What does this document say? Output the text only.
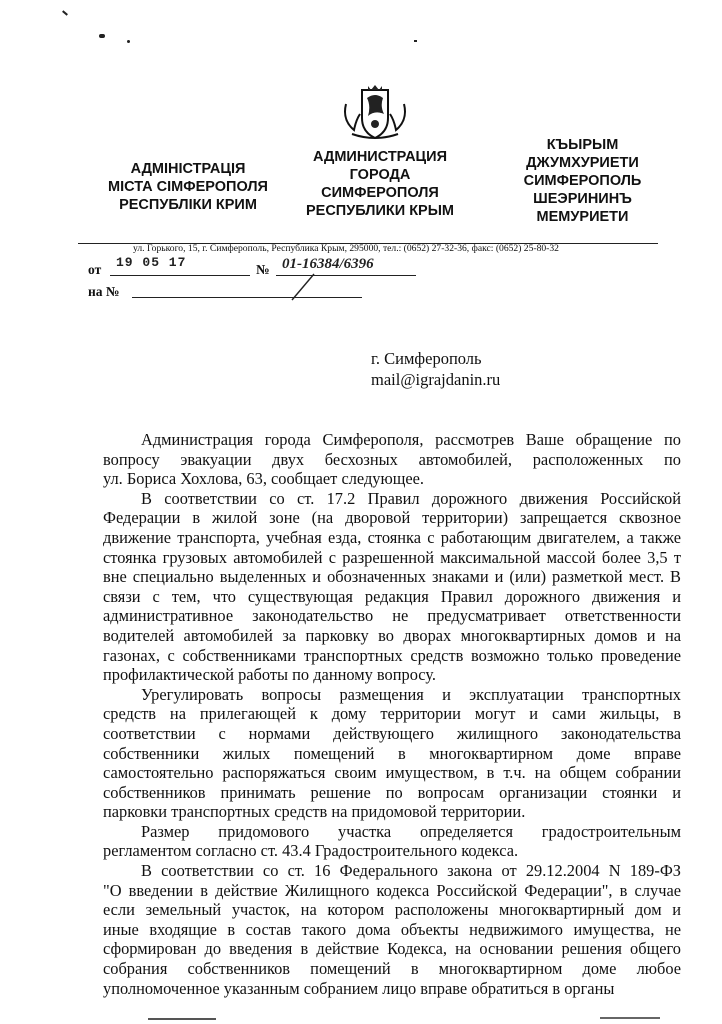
АДМІНІСТРАЦІЯ
МІСТА СІМФЕРОПОЛЯ
РЕСПУБЛІКИ КРИМ
АДМИНИСТРАЦИЯ
ГОРОДА
СИМФЕРОПОЛЯ
РЕСПУБЛИКИ КРЫМ
КЪЫРЫМ
ДЖУМХУРИЕТИ
СИМФЕРОПОЛЬ
ШЕЭРИНИНЪ
МЕМУРИЕТИ
ул. Горького, 15, г. Симферополь, Республика Крым, 295000, тел.: (0652) 27-32-36, факс: (0652) 25-80-32
от 19 05 17	№ 01-16384/6396
на №
г. Симферополь
mail@igrajdanin.ru

Администрация города Симферополя, рассмотрев Ваше обращение по
вопросу эвакуации двух бесхозных автомобилей, расположенных по
ул. Бориса Хохлова, 63, сообщает следующее.

В соответствии со ст. 17.2 Правил дорожного движения Российской
Федерации в жилой зоне (на дворовой территории) запрещается сквозное
движение транспорта, учебная езда, стоянка с работающим двигателем, а также
стоянка грузовых автомобилей с разрешенной максимальной массой более 3,5 т
вне специально выделенных и обозначенных знаками и (или) разметкой мест. В
связи с тем, что существующая редакция Правил дорожного движения и
административное законодательство не предусматривает ответственности
водителей автомобилей за парковку во дворах многоквартирных домов и на
газонах, с собственниками транспортных средств возможно только проведение
профилактической работы по данному вопросу.

Урегулировать вопросы размещения и эксплуатации транспортных
средств на прилегающей к дому территории могут и сами жильцы, в
соответствии с нормами действующего жилищного законодательства
собственники жилых помещений в многоквартирном доме вправе
самостоятельно распоряжаться своим имуществом, в т.ч. на общем собрании
собственников принимать решение по вопросам организации стоянки и
парковки транспортных средств на придомовой территории.

Размер придомового участка определяется градостроительным
регламентом согласно ст. 43.4 Градостроительного кодекса.

В соответствии со ст. 16 Федерального закона от 29.12.2004 N 189-ФЗ
"О введении в действие Жилищного кодекса Российской Федерации", в случае
если земельный участок, на котором расположены многоквартирный дом и
иные входящие в состав такого дома объекты недвижимого имущества, не
сформирован до введения в действие Кодекса, на основании решения общего
собрания собственников помещений в многоквартирном доме любое
уполномоченное указанным собранием лицо вправе обратиться в органы
